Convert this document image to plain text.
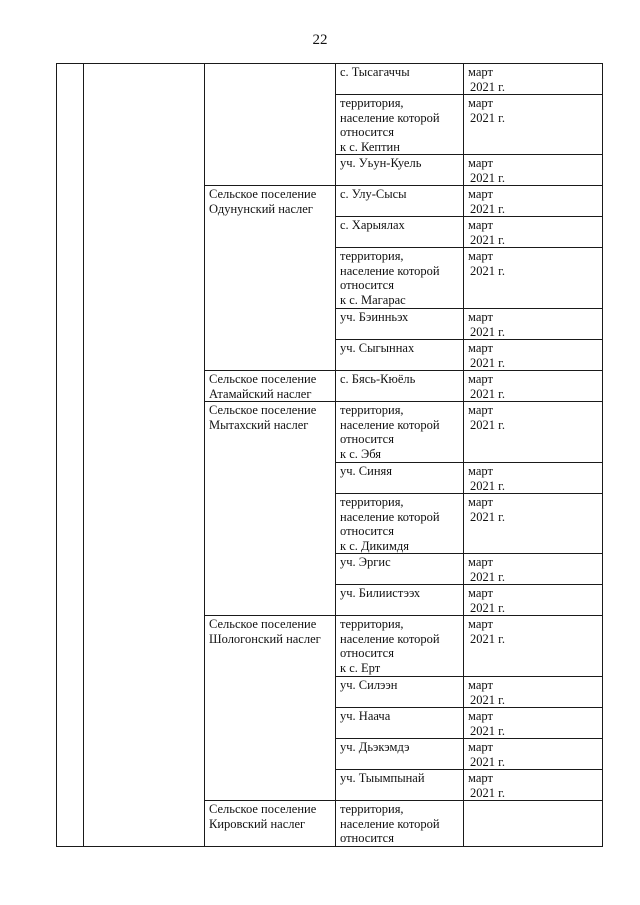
22
			с. Тысагаччы	март
2021 г.

			территория,
население которой
относится
к с. Кептин	март
2021 г.

			уч. Уьун-Куель	март
2021 г.

		Сельское поселение
Одунунский наслег	с. Улу-Сысы	март
2021 г.

			с. Харыялах	март
2021 г.

			территория,
население которой
относится
к с. Магарас	март
2021 г.

			уч. Бэинньэх	март
2021 г.

			уч. Сыгыннах	март
2021 г.

		Сельское поселение
Атамайский наслег	с. Бясь-Кюёль	март
2021 г.

		Сельское поселение
Мытахский наслег	территория,
население которой
относится
к с. Эбя	март
2021 г.

			уч. Синяя	март
2021 г.

			территория,
население которой
относится
к с. Дикимдя	март
2021 г.

			уч. Эргис	март
2021 г.

			уч. Билиистээх	март
2021 г.

		Сельское поселение
Шологонский наслег	территория,
население которой
относится
к с. Ерт	март
2021 г.

			уч. Силээн	март
2021 г.

			уч. Наача	март
2021 г.

			уч. Дьэкэмдэ	март
2021 г.

			уч. Тыымпынай	март
2021 г.

		Сельское поселение
Кировский наслег	территория,
население которой
относится	
